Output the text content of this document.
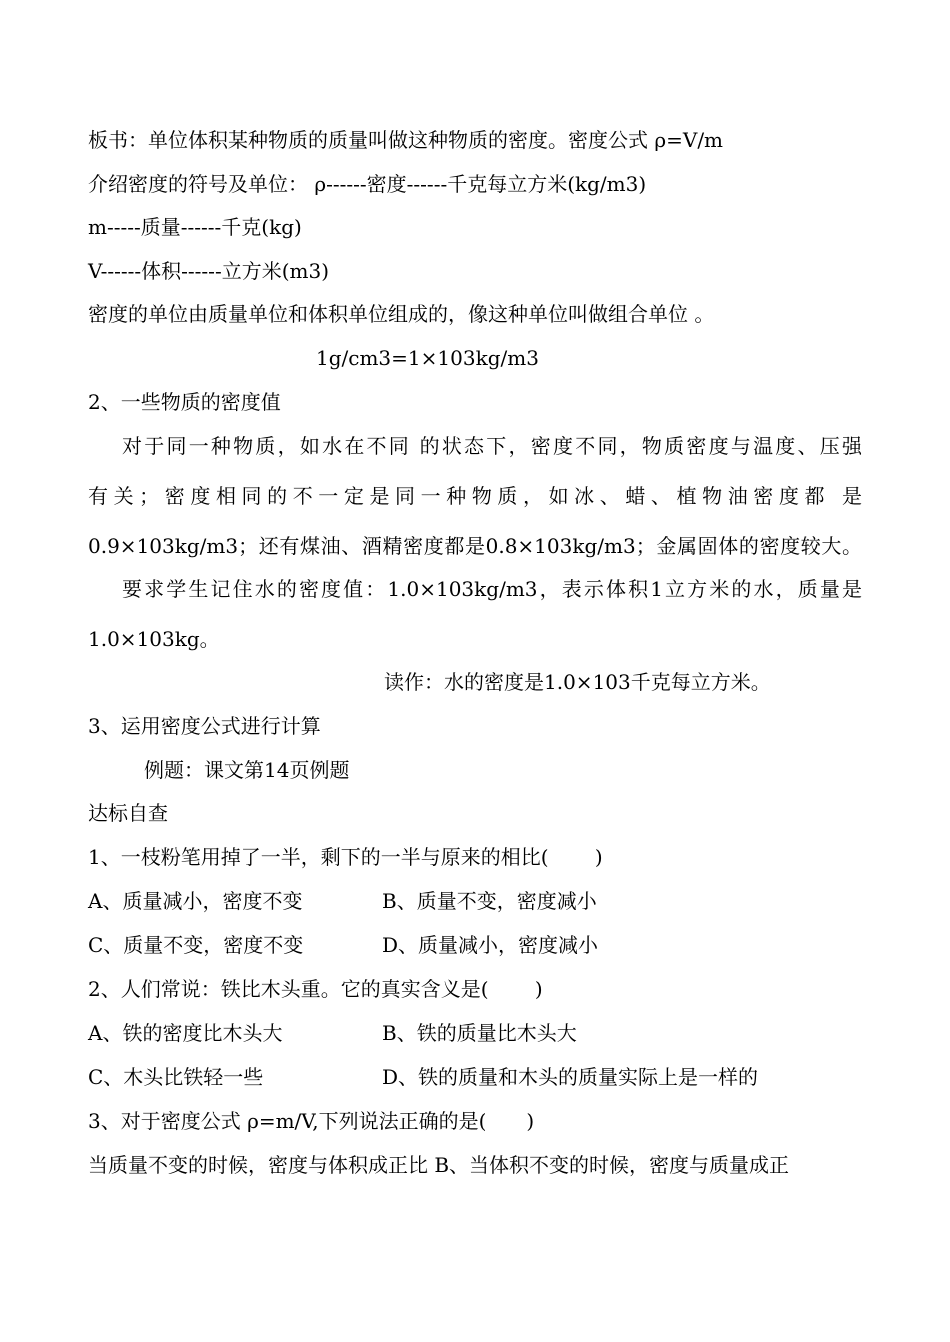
板书：单位体积某种物质的质量叫做这种物质的密度。密度公式 ρ=V/m
介绍密度的符号及单位： ρ------密度------千克每立方米(kg/m3)
m-----质量------千克(kg)
V------体积------立方米(m3)
密度的单位由质量单位和体积单位组成的，像这种单位叫做组合单位 。
1g/cm3=1×103kg/m3
2、一些物质的密度值
对于同一种物质，如水在不同 的状态下，密度不同，物质密度与温度、压强
有关；密度相同的不一定是同一种物质，如冰、蜡、植物油密度都 是
0.9×103kg/m3；还有煤油、酒精密度都是0.8×103kg/m3；金属固体的密度较大。
要求学生记住水的密度值：1.0×103kg/m3，表示体积1立方米的水，质量是
1.0×103kg。
读作：水的密度是1.0×103千克每立方米。
3、运用密度公式进行计算
例题：课文第14页例题
达标自查
1、一枝粉笔用掉了一半，剩下的一半与原来的相比(　　 )
A、质量减小，密度不变	B、质量不变，密度减小
C、质量不变，密度不变	D、质量减小，密度减小
2、人们常说：铁比木头重。它的真实含义是(　　 )
A、铁的密度比木头大	B、铁的质量比木头大
C、木头比铁轻一些	D、铁的质量和木头的质量实际上是一样的
3、对于密度公式 ρ=m/V,下列说法正确的是(　　)
当质量不变的时候，密度与体积成正比 B、当体积不变的时候，密度与质量成正
